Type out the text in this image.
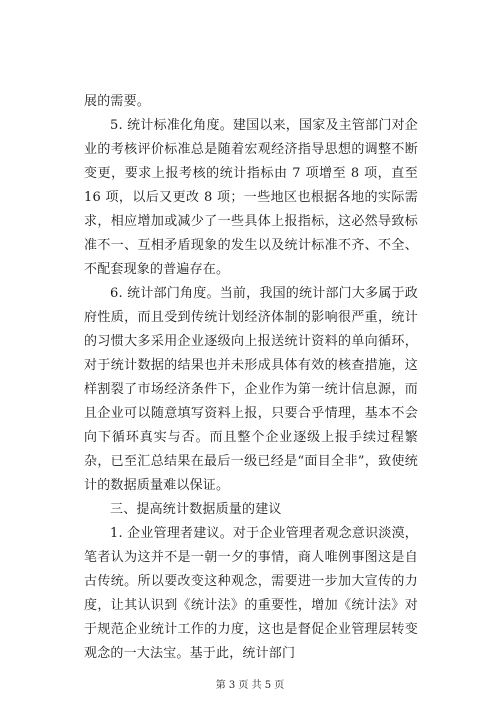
展的需要。

5. 统计标准化角度。建国以来，国家及主管部门对企业的考核评价标准总是随着宏观经济指导思想的调整不断变更，要求上报考核的统计指标由 7 项增至 8 项，直至 16 项，以后又更改 8 项；一些地区也根据各地的实际需求，相应增加或减少了一些具体上报指标，这必然导致标准不一、互相矛盾现象的发生以及统计标准不齐、不全、不配套现象的普遍存在。

6. 统计部门角度。当前，我国的统计部门大多属于政府性质，而且受到传统计划经济体制的影响很严重，统计的习惯大多采用企业逐级向上报送统计资料的单向循环，对于统计数据的结果也并未形成具体有效的核查措施，这样割裂了市场经济条件下，企业作为第一统计信息源，而且企业可以随意填写资料上报，只要合乎情理，基本不会向下循环真实与否。而且整个企业逐级上报手续过程繁杂，已至汇总结果在最后一级已经是“面目全非”，致使统计的数据质量难以保证。

三、提高统计数据质量的建议

1. 企业管理者建议。对于企业管理者观念意识淡漠，笔者认为这并不是一朝一夕的事情，商人唯例事图这是自古传统。所以要改变这种观念，需要进一步加大宣传的力度，让其认识到《统计法》的重要性，增加《统计法》对于规范企业统计工作的力度，这也是督促企业管理层转变观念的一大法宝。基于此，统计部门

第 3 页 共 5 页
